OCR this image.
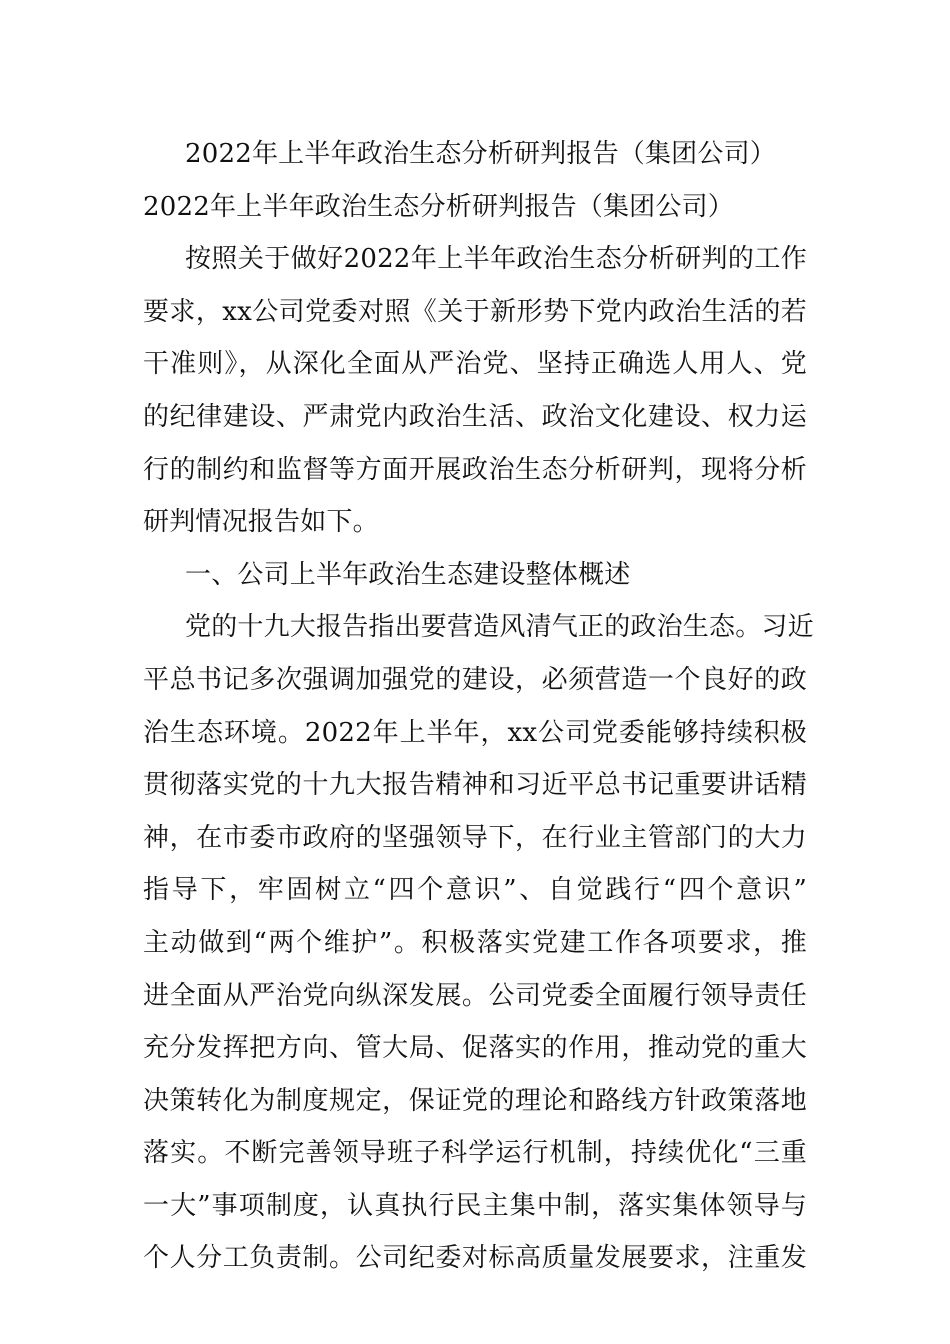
2022年上半年政治生态分析研判报告（集团公司）
2022年上半年政治生态分析研判报告（集团公司）
按照关于做好2022年上半年政治生态分析研判的工作
要求，xx公司党委对照《关于新形势下党内政治生活的若
干准则》，从深化全面从严治党、坚持正确选人用人、党
的纪律建设、严肃党内政治生活、政治文化建设、权力运
行的制约和监督等方面开展政治生态分析研判，现将分析
研判情况报告如下。
一、公司上半年政治生态建设整体概述
党的十九大报告指出要营造风清气正的政治生态。习近
平总书记多次强调加强党的建设，必须营造一个良好的政
治生态环境。2022年上半年，xx公司党委能够持续积极
贯彻落实党的十九大报告精神和习近平总书记重要讲话精
神，在市委市政府的坚强领导下，在行业主管部门的大力
指导下，牢固树立“四个意识”、自觉践行“四个意识”
主动做到“两个维护”。积极落实党建工作各项要求，推
进全面从严治党向纵深发展。公司党委全面履行领导责任
充分发挥把方向、管大局、促落实的作用，推动党的重大
决策转化为制度规定，保证党的理论和路线方针政策落地
落实。不断完善领导班子科学运行机制，持续优化“三重
一大”事项制度，认真执行民主集中制，落实集体领导与
个人分工负责制。公司纪委对标高质量发展要求，注重发
